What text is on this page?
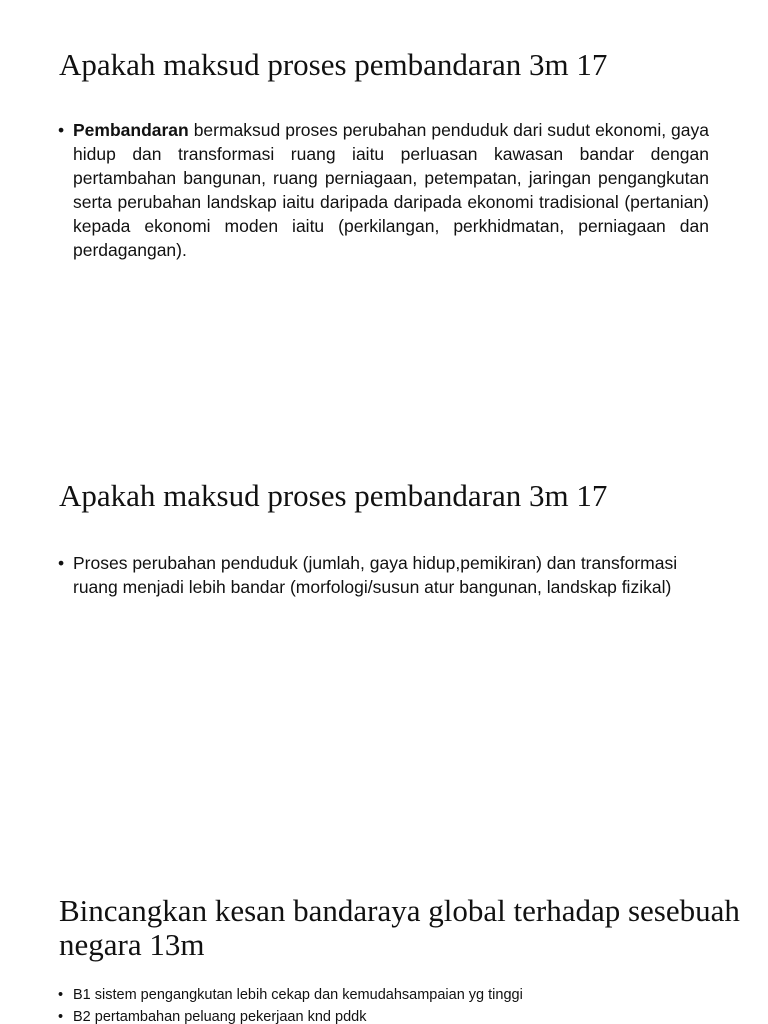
Apakah maksud proses pembandaran 3m 17
• Pembandaran bermaksud proses perubahan penduduk dari sudut ekonomi, gaya hidup dan transformasi ruang iaitu perluasan kawasan bandar dengan pertambahan bangunan, ruang perniagaan, petempatan, jaringan pengangkutan serta perubahan landskap iaitu daripada daripada ekonomi tradisional (pertanian) kepada ekonomi moden iaitu (perkilangan, perkhidmatan, perniagaan dan perdagangan).
Apakah maksud proses pembandaran 3m 17
• Proses perubahan penduduk (jumlah, gaya hidup,pemikiran) dan transformasi ruang menjadi lebih bandar (morfologi/susun atur bangunan, landskap fizikal)
Bincangkan kesan bandaraya global terhadap sesebuah negara 13m
• B1 sistem pengangkutan lebih cekap dan kemudahsampaian yg tinggi
• B2 pertambahan peluang pekerjaan knd pddk
